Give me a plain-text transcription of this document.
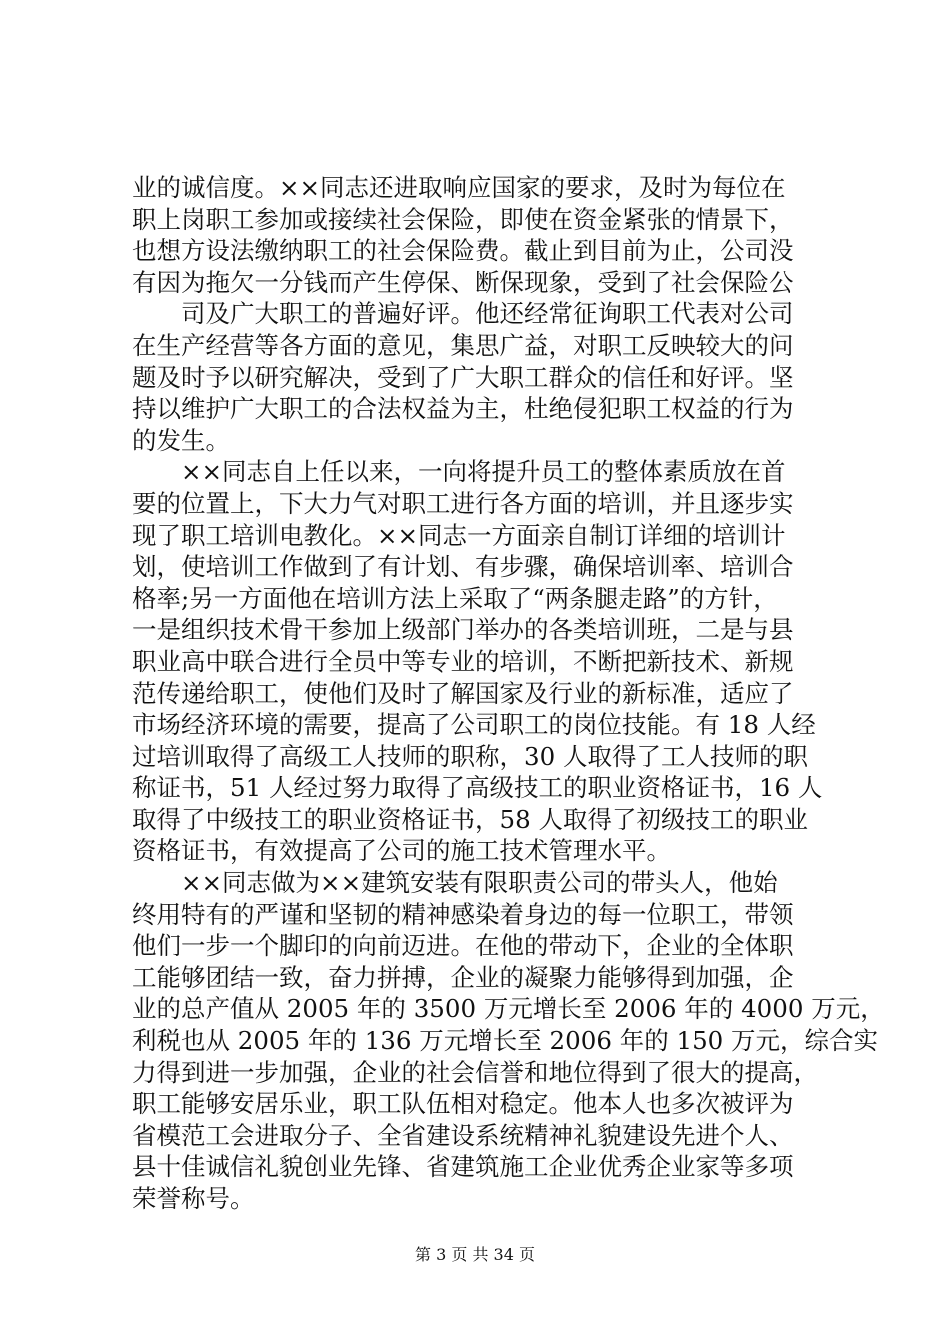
业的诚信度。××同志还进取响应国家的要求，及时为每位在
职上岗职工参加或接续社会保险，即使在资金紧张的情景下，
也想方设法缴纳职工的社会保险费。截止到目前为止，公司没
有因为拖欠一分钱而产生停保、断保现象，受到了社会保险公
司及广大职工的普遍好评。他还经常征询职工代表对公司
在生产经营等各方面的意见，集思广益，对职工反映较大的问
题及时予以研究解决，受到了广大职工群众的信任和好评。坚
持以维护广大职工的合法权益为主，杜绝侵犯职工权益的行为
的发生。
××同志自上任以来，一向将提升员工的整体素质放在首
要的位置上，下大力气对职工进行各方面的培训，并且逐步实
现了职工培训电教化。××同志一方面亲自制订详细的培训计
划，使培训工作做到了有计划、有步骤，确保培训率、培训合
格率;另一方面他在培训方法上采取了“两条腿走路”的方针，
一是组织技术骨干参加上级部门举办的各类培训班，二是与县
职业高中联合进行全员中等专业的培训，不断把新技术、新规
范传递给职工，使他们及时了解国家及行业的新标准，适应了
市场经济环境的需要，提高了公司职工的岗位技能。有 18 人经
过培训取得了高级工人技师的职称，30 人取得了工人技师的职
称证书，51 人经过努力取得了高级技工的职业资格证书，16 人
取得了中级技工的职业资格证书，58 人取得了初级技工的职业
资格证书，有效提高了公司的施工技术管理水平。
××同志做为××建筑安装有限职责公司的带头人，他始
终用特有的严谨和坚韧的精神感染着身边的每一位职工，带领
他们一步一个脚印的向前迈进。在他的带动下，企业的全体职
工能够团结一致，奋力拼搏，企业的凝聚力能够得到加强，企
业的总产值从 2005 年的 3500 万元增长至 2006 年的 4000 万元，
利税也从 2005 年的 136 万元增长至 2006 年的 150 万元，综合实
力得到进一步加强，企业的社会信誉和地位得到了很大的提高，
职工能够安居乐业，职工队伍相对稳定。他本人也多次被评为
省模范工会进取分子、全省建设系统精神礼貌建设先进个人、
县十佳诚信礼貌创业先锋、省建筑施工企业优秀企业家等多项
荣誉称号。
第 3 页 共 34 页
